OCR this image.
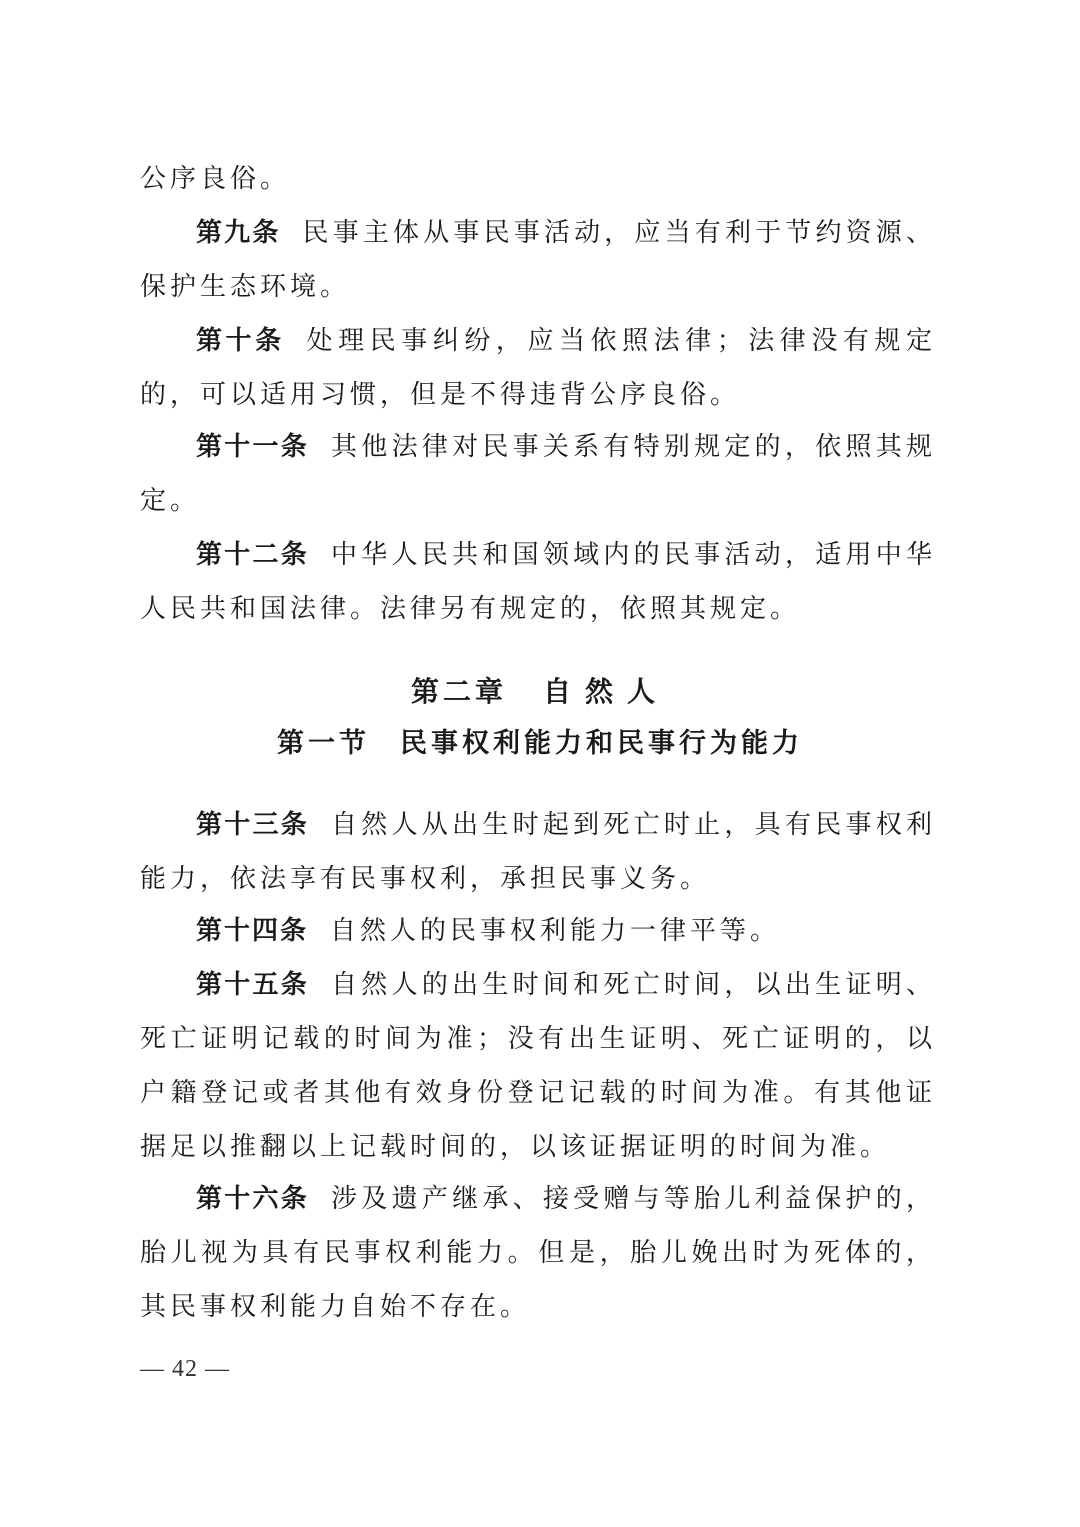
公序良俗。

第九条 民事主体从事民事活动，应当有利于节约资源、保护生态环境。

第十条 处理民事纠纷，应当依照法律；法律没有规定的，可以适用习惯，但是不得违背公序良俗。

第十一条 其他法律对民事关系有特别规定的，依照其规定。

第十二条 中华人民共和国领域内的民事活动，适用中华人民共和国法律。法律另有规定的，依照其规定。

第二章 自然人
第一节 民事权利能力和民事行为能力

第十三条 自然人从出生时起到死亡时止，具有民事权利能力，依法享有民事权利，承担民事义务。

第十四条 自然人的民事权利能力一律平等。

第十五条 自然人的出生时间和死亡时间，以出生证明、死亡证明记载的时间为准；没有出生证明、死亡证明的，以户籍登记或者其他有效身份登记记载的时间为准。有其他证据足以推翻以上记载时间的，以该证据证明的时间为准。

第十六条 涉及遗产继承、接受赠与等胎儿利益保护的，胎儿视为具有民事权利能力。但是，胎儿娩出时为死体的，其民事权利能力自始不存在。

— 42 —
